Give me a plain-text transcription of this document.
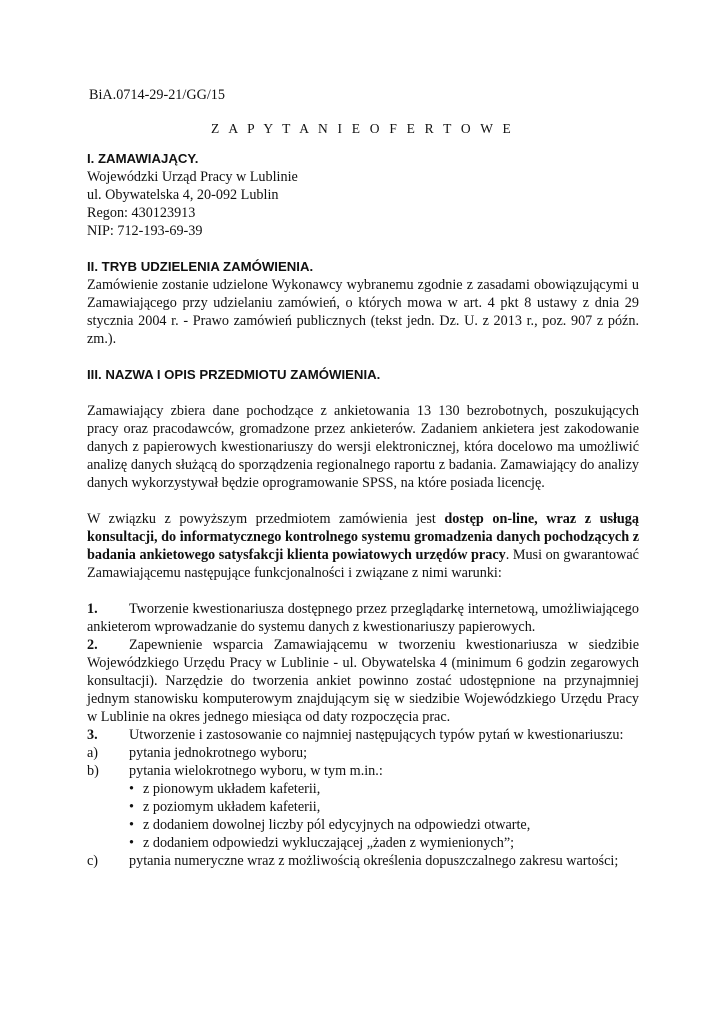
BiA.0714-29-21/GG/15
Z A P Y T A N I E O F E R T O W E
I. ZAMAWIAJĄCY.
Wojewódzki Urząd Pracy w Lublinie
ul. Obywatelska 4, 20-092 Lublin
Regon: 430123913
NIP: 712-193-69-39
II. TRYB UDZIELENIA ZAMÓWIENIA.

Zamówienie zostanie udzielone Wykonawcy wybranemu zgodnie z zasadami obowiązującymi u Zamawiającego przy udzielaniu zamówień, o których mowa w art. 4 pkt 8 ustawy z dnia 29 stycznia 2004 r. - Prawo zamówień publicznych (tekst jedn. Dz. U. z 2013 r., poz. 907 z późn. zm.).

III. NAZWA I OPIS PRZEDMIOTU ZAMÓWIENIA.

Zamawiający zbiera dane pochodzące z ankietowania 13 130 bezrobotnych, poszukujących pracy oraz pracodawców, gromadzone przez ankieterów. Zadaniem ankietera jest zakodowanie danych z papierowych kwestionariuszy do wersji elektronicznej, która docelowo ma umożliwić analizę danych służącą do sporządzenia regionalnego raportu z badania. Zamawiający do analizy danych wykorzystywał będzie oprogramowanie SPSS, na które posiada licencję.

W związku z powyższym przedmiotem zamówienia jest dostęp on-line, wraz z usługą konsultacji, do informatycznego kontrolnego systemu gromadzenia danych pochodzących z badania ankietowego satysfakcji klienta powiatowych urzędów pracy. Musi on gwarantować Zamawiającemu następujące funkcjonalności i związane z nimi warunki:

1. Tworzenie kwestionariusza dostępnego przez przeglądarkę internetową, umożliwiającego ankieterom wprowadzanie do systemu danych z kwestionariuszy papierowych.

2. Zapewnienie wsparcia Zamawiającemu w tworzeniu kwestionariusza w siedzibie Wojewódzkiego Urzędu Pracy w Lublinie - ul. Obywatelska 4 (minimum 6 godzin zegarowych konsultacji). Narzędzie do tworzenia ankiet powinno zostać udostępnione na przynajmniej jednym stanowisku komputerowym znajdującym się w siedzibie Wojewódzkiego Urzędu Pracy w Lublinie na okres jednego miesiąca od daty rozpoczęcia prac.

3. Utworzenie i zastosowanie co najmniej następujących typów pytań w kwestionariuszu:

a) pytania jednokrotnego wyboru;
b) pytania wielokrotnego wyboru, w tym m.in.:
• z pionowym układem kafeterii,
• z poziomym układem kafeterii,
• z dodaniem dowolnej liczby pól edycyjnych na odpowiedzi otwarte,
• z dodaniem odpowiedzi wykluczającej „żaden z wymienionych”;
c) pytania numeryczne wraz z możliwością określenia dopuszczalnego zakresu wartości;
